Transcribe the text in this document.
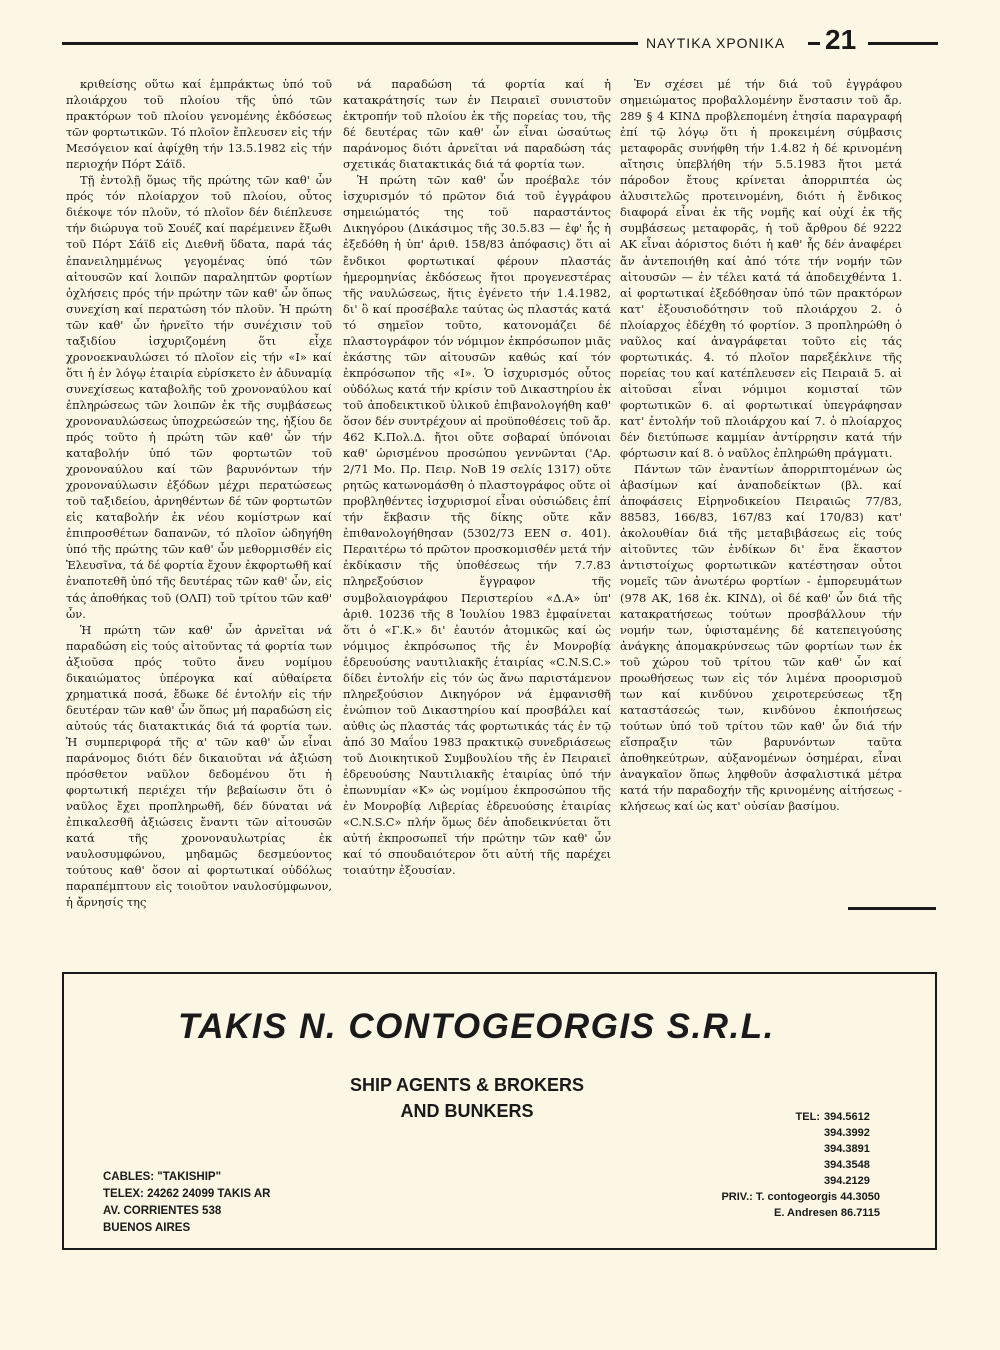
ΝΑΥΤΙΚΑ ΧΡΟΝΙΚΑ 21

κριθείσης οὕτω καί ἐμπράκτως ὑπό τοῦ πλοιάρχου τοῦ πλοίου τῆς ὑπό τῶν πρακτόρων τοῦ πλοίου γενομένης ἐκδόσεως τῶν φορτωτικῶν. Τό πλοῖον ἔπλευσεν εἰς τήν Μεσόγειον καί ἀφίχθη τήν 13.5.1982 εἰς τήν περιοχήν Πόρτ Σάϊδ.

Τῇ ἐντολῇ ὅμως τῆς πρώτης τῶν καθ' ὧν πρός τόν πλοίαρχον τοῦ πλοίου, οὗτος διέκοψε τόν πλοῦν, τό πλοῖον δέν διέπλευσε τήν διώρυγα τοῦ Σουέζ καί παρέμεινεν ἔξωθι τοῦ Πόρτ Σάϊδ εἰς Διεθνῆ ὕδατα, παρά τάς ἐπανειλημμένως γεγομένας ὑπό τῶν αἰτουσῶν καί λοιπῶν παραληπτῶν φορτίων ὀχλήσεις πρός τήν πρώτην τῶν καθ' ὧν ὅπως συνεχίση καί περατώση τόν πλοῦν. Ἡ πρώτη τῶν καθ' ὧν ἠρνεῖτο τήν συνέχισιν τοῦ ταξιδίου ἰσχυριζομένη ὅτι εἶχε χρονοεκναυλώσει τό πλοῖον εἰς τήν «Ι» καί ὅτι ἡ ἐν λόγῳ ἑταιρία εὑρίσκετο ἐν ἀδυναμίᾳ συνεχίσεως καταβολῆς τοῦ χρονοναύλου καί ἐπληρώσεως τῶν λοιπῶν ἐκ τῆς συμβάσεως χρονοναυλώσεως ὑποχρεώσεών της, ἠξίου δε πρός τοῦτο ἡ πρώτη τῶν καθ' ὧν τήν καταβολήν ὑπό τῶν φορτωτῶν τοῦ χρονοναύλου καί τῶν βαρυνόντων τήν χρονοναύλωσιν ἐξόδων μέχρι περατώσεως τοῦ ταξιδείου, ἀρνηθέντων δέ τῶν φορτωτῶν εἰς καταβολήν ἐκ νέου κομίστρων καί ἐπιπροσθέτων δαπανῶν, τό πλοῖον ὡδηγήθη ὑπό τῆς πρώτης τῶν καθ' ὧν μεθορμισθέν εἰς Ἐλευσῖνα, τά δέ φορτία ἔχουν ἐκφορτωθῆ καί ἐναποτεθῆ ὑπό τῆς δευτέρας τῶν καθ' ὧν, εἰς τάς ἀποθήκας τοῦ (ΟΛΠ) τοῦ τρίτου τῶν καθ' ὧν.

Ἡ πρώτη τῶν καθ' ὧν ἀρνεῖται νά παραδώση εἰς τούς αἰτοῦντας τά φορτία των ἀξιοῦσα πρός τοῦτο ἄνευ νομίμου δικαιώματος ὑπέρογκα καί αὐθαίρετα χρηματικά ποσά, ἔδωκε δέ ἐντολήν εἰς τήν δευτέραν τῶν καθ' ὧν ὅπως μή παραδώση εἰς αὐτούς τάς διατακτικάς διά τά φορτία των. Ἡ συμπεριφορά τῆς α' τῶν καθ' ὧν εἶναι παράνομος διότι δέν δικαιοῦται νά ἀξιώση πρόσθετον ναῦλον δεδομένου ὅτι ἡ φορτωτική περιέχει τήν βεβαίωσιν ὅτι ὁ ναῦλος ἔχει προπληρωθῆ, δέν δύναται νά ἐπικαλεσθῆ ἀξιώσεις ἔναντι τῶν αἰτουσῶν κατά τῆς χρονοναυλωτρίας ἐκ ναυλοσυμφώνου, μηδαμῶς δεσμεύοντος τούτους καθ' ὅσον αἱ φορτωτικαί οὐδόλως παραπέμπτουν εἰς τοιοῦτον ναυλοσύμφωνον, ἡ ἄρνησίς της

νά παραδώση τά φορτία καί ἡ κατακράτησίς των ἐν Πειραιεῖ συνιστοῦν ἐκτροπήν τοῦ πλοίου ἐκ τῆς πορείας του, τῆς δέ δευτέρας τῶν καθ' ὧν εἶναι ὡσαύτως παράνομος διότι ἀρνεῖται νά παραδώση τάς σχετικάς διατακτικάς διά τά φορτία των.

Ἡ πρώτη τῶν καθ' ὧν προέβαλε τόν ἰσχυρισμόν τό πρῶτον διά τοῦ ἐγγράφου σημειώματός της τοῦ παραστάντος Δικηγόρου (Δικάσιμος τῆς 30.5.83 — ἐφ' ἧς ἡ ἐξεδόθη ἡ ὑπ' ἀριθ. 158/83 ἀπόφασις) ὅτι αἱ ἔνδικοι φορτωτικαί φέρουν πλαστάς ἡμερομηνίας ἐκδόσεως ἤτοι προγενεστέρας τῆς ναυλώσεως, ἥτις ἐγένετο τήν 1.4.1982, δι' ὃ καί προσέβαλε ταύτας ὡς πλαστάς κατά τό σημεῖον τοῦτο, κατονομάζει δέ πλαστογράφον τόν νόμιμον ἐκπρόσωπον μιᾶς ἑκάστης τῶν αἰτουσῶν καθώς καί τόν ἐκπρόσωπον τῆς «Ι». Ὁ ἰσχυρισμός οὗτος οὐδόλως κατά τήν κρίσιν τοῦ Δικαστηρίου ἐκ τοῦ ἀποδεικτικοῦ ὑλικοῦ ἐπιβανολογήθη καθ' ὅσον δέν συντρέχουν αἱ προϋποθέσεις τοῦ ἄρ. 462 Κ.Πολ.Δ. ἤτοι οὔτε σοβαραί ὑπόνοιαι καθ' ὡρισμένου προσώπου γεννῶνται ('Αρ. 2/71 Μο. Πρ. Πειρ. ΝοΒ 19 σελίς 1317) οὔτε ρητῶς κατωνομάσθη ὁ πλαστογράφος οὔτε οἱ προβληθέντες ἰσχυρισμοί εἶναι οὐσιώδεις ἐπί τήν ἔκβασιν τῆς δίκης οὔτε κἄν ἐπιθανολογήθησαν (5302/73 ΕΕΝ σ. 401). Περαιτέρω τό πρῶτον προσκομισθέν μετά τήν ἐκδίκασιν τῆς ὑποθέσεως τήν 7.7.83 πληρεξούσιον ἔγγραφον τῆς συμβολαιογράφου Περιστερίου «Δ.Α» ὑπ' ἀριθ. 10236 τῆς 8 Ἰουλίου 1983 ἐμφαίνεται ὅτι ὁ «Γ.Κ.» δι' ἑαυτόν ἀτομικῶς καί ὡς νόμιμος ἐκπρόσωπος τῆς ἐν Μονροβίᾳ ἑδρευούσης ναυτιλιακῆς ἑταιρίας «C.N.S.C.» δίδει ἐντολήν εἰς τόν ὡς ἄνω παριστάμενον πληρεξούσιον Δικηγόρον νά ἐμφανισθῆ ἐνώπιον τοῦ Δικαστηρίου καί προσβάλει καί αὐθις ὡς πλαστάς τάς φορτωτικάς τάς ἐν τῷ ἀπό 30 Μαΐου 1983 πρακτικῷ συνεδριάσεως τοῦ Διοικητικοῦ Συμβουλίου τῆς ἐν Πειραιεῖ ἑδρευούσης Ναυτιλιακῆς ἑταιρίας ὑπό τήν ἐπωνυμίαν «Κ» ὡς νομίμου ἐκπροσώπου τῆς ἐν Μονροβίᾳ Λιβερίας ἑδρευούσης ἑταιρίας «C.N.S.C» πλήν ὅμως δέν ἀποδεικνύεται ὅτι αὐτή ἐκπροσωπεῖ τήν πρώτην τῶν καθ' ὧν καί τό σπουδαιότερον ὅτι αὐτή τῆς παρέχει τοιαύτην ἐξουσίαν.

Ἐν σχέσει μέ τήν διά τοῦ ἐγγράφου σημειώματος προβαλλομένην ἔνστασιν τοῦ ἄρ. 289 § 4 ΚΙΝΔ προβλεπομένη ἐτησία παραγραφή ἐπί τῷ λόγῳ ὅτι ἡ προκειμένη σύμβασις μεταφορᾶς συνήφθη τήν 1.4.82 ἡ δέ κρινομένη αἴτησις ὑπεβλήθη τήν 5.5.1983 ἤτοι μετά πάροδον ἔτους κρίνεται ἀπορριπτέα ὡς ἀλυσιτελῶς προτεινομένη, διότι ἡ ἔνδικος διαφορά εἶναι ἐκ τῆς νομῆς καί οὐχί ἐκ τῆς συμβάσεως μεταφορᾶς, ἡ τοῦ ἄρθρου δέ 9222 ΑΚ εἶναι ἀόριστος διότι ἡ καθ' ἧς δέν ἀναφέρει ἄν ἀντεποιήθη καί ἀπό τότε τήν νομήν τῶν αἰτουσῶν — ἐν τέλει κατά τά ἀποδειχθέντα 1. αἱ φορτωτικαί ἐξεδόθησαν ὑπό τῶν πρακτόρων κατ' ἐξουσιοδότησιν τοῦ πλοιάρχου 2. ὁ πλοίαρχος ἐδέχθη τό φορτίον. 3 προπληρώθη ὁ ναῦλος καί ἀναγράφεται τοῦτο εἰς τάς φορτωτικάς. 4. τό πλοῖον παρεξέκλινε τῆς πορείας του καί κατέπλευσεν εἰς Πειραιᾶ 5. αἱ αἰτοῦσαι εἶναι νόμιμοι κομισταί τῶν φορτωτικῶν 6. αἱ φορτωτικαί ὑπεγράφησαν κατ' ἐντολήν τοῦ πλοιάρχου καί 7. ὁ πλοίαρχος δέν διετύπωσε καμμίαν ἀντίρρησιν κατά τήν φόρτωσιν καί 8. ὁ ναῦλος ἐπληρώθη πράγματι.

Πάντων τῶν ἐναντίων ἀπορριπτομένων ὡς ἀβασίμων καί ἀναποδείκτων (βλ. καί ἀποφάσεις Εἰρηνοδικείου Πειραιῶς 77/83, 88583, 166/83, 167/83 καί 170/83) κατ' ἀκολουθίαν διά τῆς μεταβιβάσεως εἰς τούς αἰτοῦντες τῶν ἐνδίκων δι' ἕνα ἕκαστον ἀντιστοίχως φορτωτικῶν κατέστησαν οὗτοι νομεῖς τῶν ἀνωτέρω φορτίων - ἐμπορευμάτων (978 ΑΚ, 168 ἐκ. ΚΙΝΔ), οἱ δέ καθ' ὧν διά τῆς κατακρατήσεως τούτων προσβάλλουν τήν νομήν των, ὑφισταμένης δέ κατεπειγούσης ἀνάγκης ἀπομακρύνσεως τῶν φορτίων των ἐκ τοῦ χώρου τοῦ τρίτου τῶν καθ' ὧν καί προωθήσεως των εἰς τόν λιμένα προορισμοῦ των καί κινδύνου χειροτερεύσεως τξη καταστάσεώς των, κινδύνου ἐκποιήσεως τούτων ὑπό τοῦ τρίτου τῶν καθ' ὧν διά τήν εἴσπραξιν τῶν βαρυνόντων ταῦτα ἀποθηκεύτρων, αὐξανομένων ὁσημέραι, εἶναι ἀναγκαῖον ὅπως ληφθοῦν ἀσφαλιστικά μέτρα κατά τήν παραδοχήν τῆς κρινομένης αἰτήσεως - κλήσεως καί ὡς κατ' οὐσίαν βασίμου.

TAKIS N. CONTOGEORGIS S.R.L.
SHIP AGENTS & BROKERS
AND BUNKERS
CABLES: "TAKISHIP"
TELEX: 24262 24099 TAKIS AR
AV. CORRIENTES 538
BUENOS AIRES
TEL: 394.5612
394.3992
394.3891
394.3548
394.2129
PRIV.: T. contogeorgis 44.3050
E. Andresen 86.7115
